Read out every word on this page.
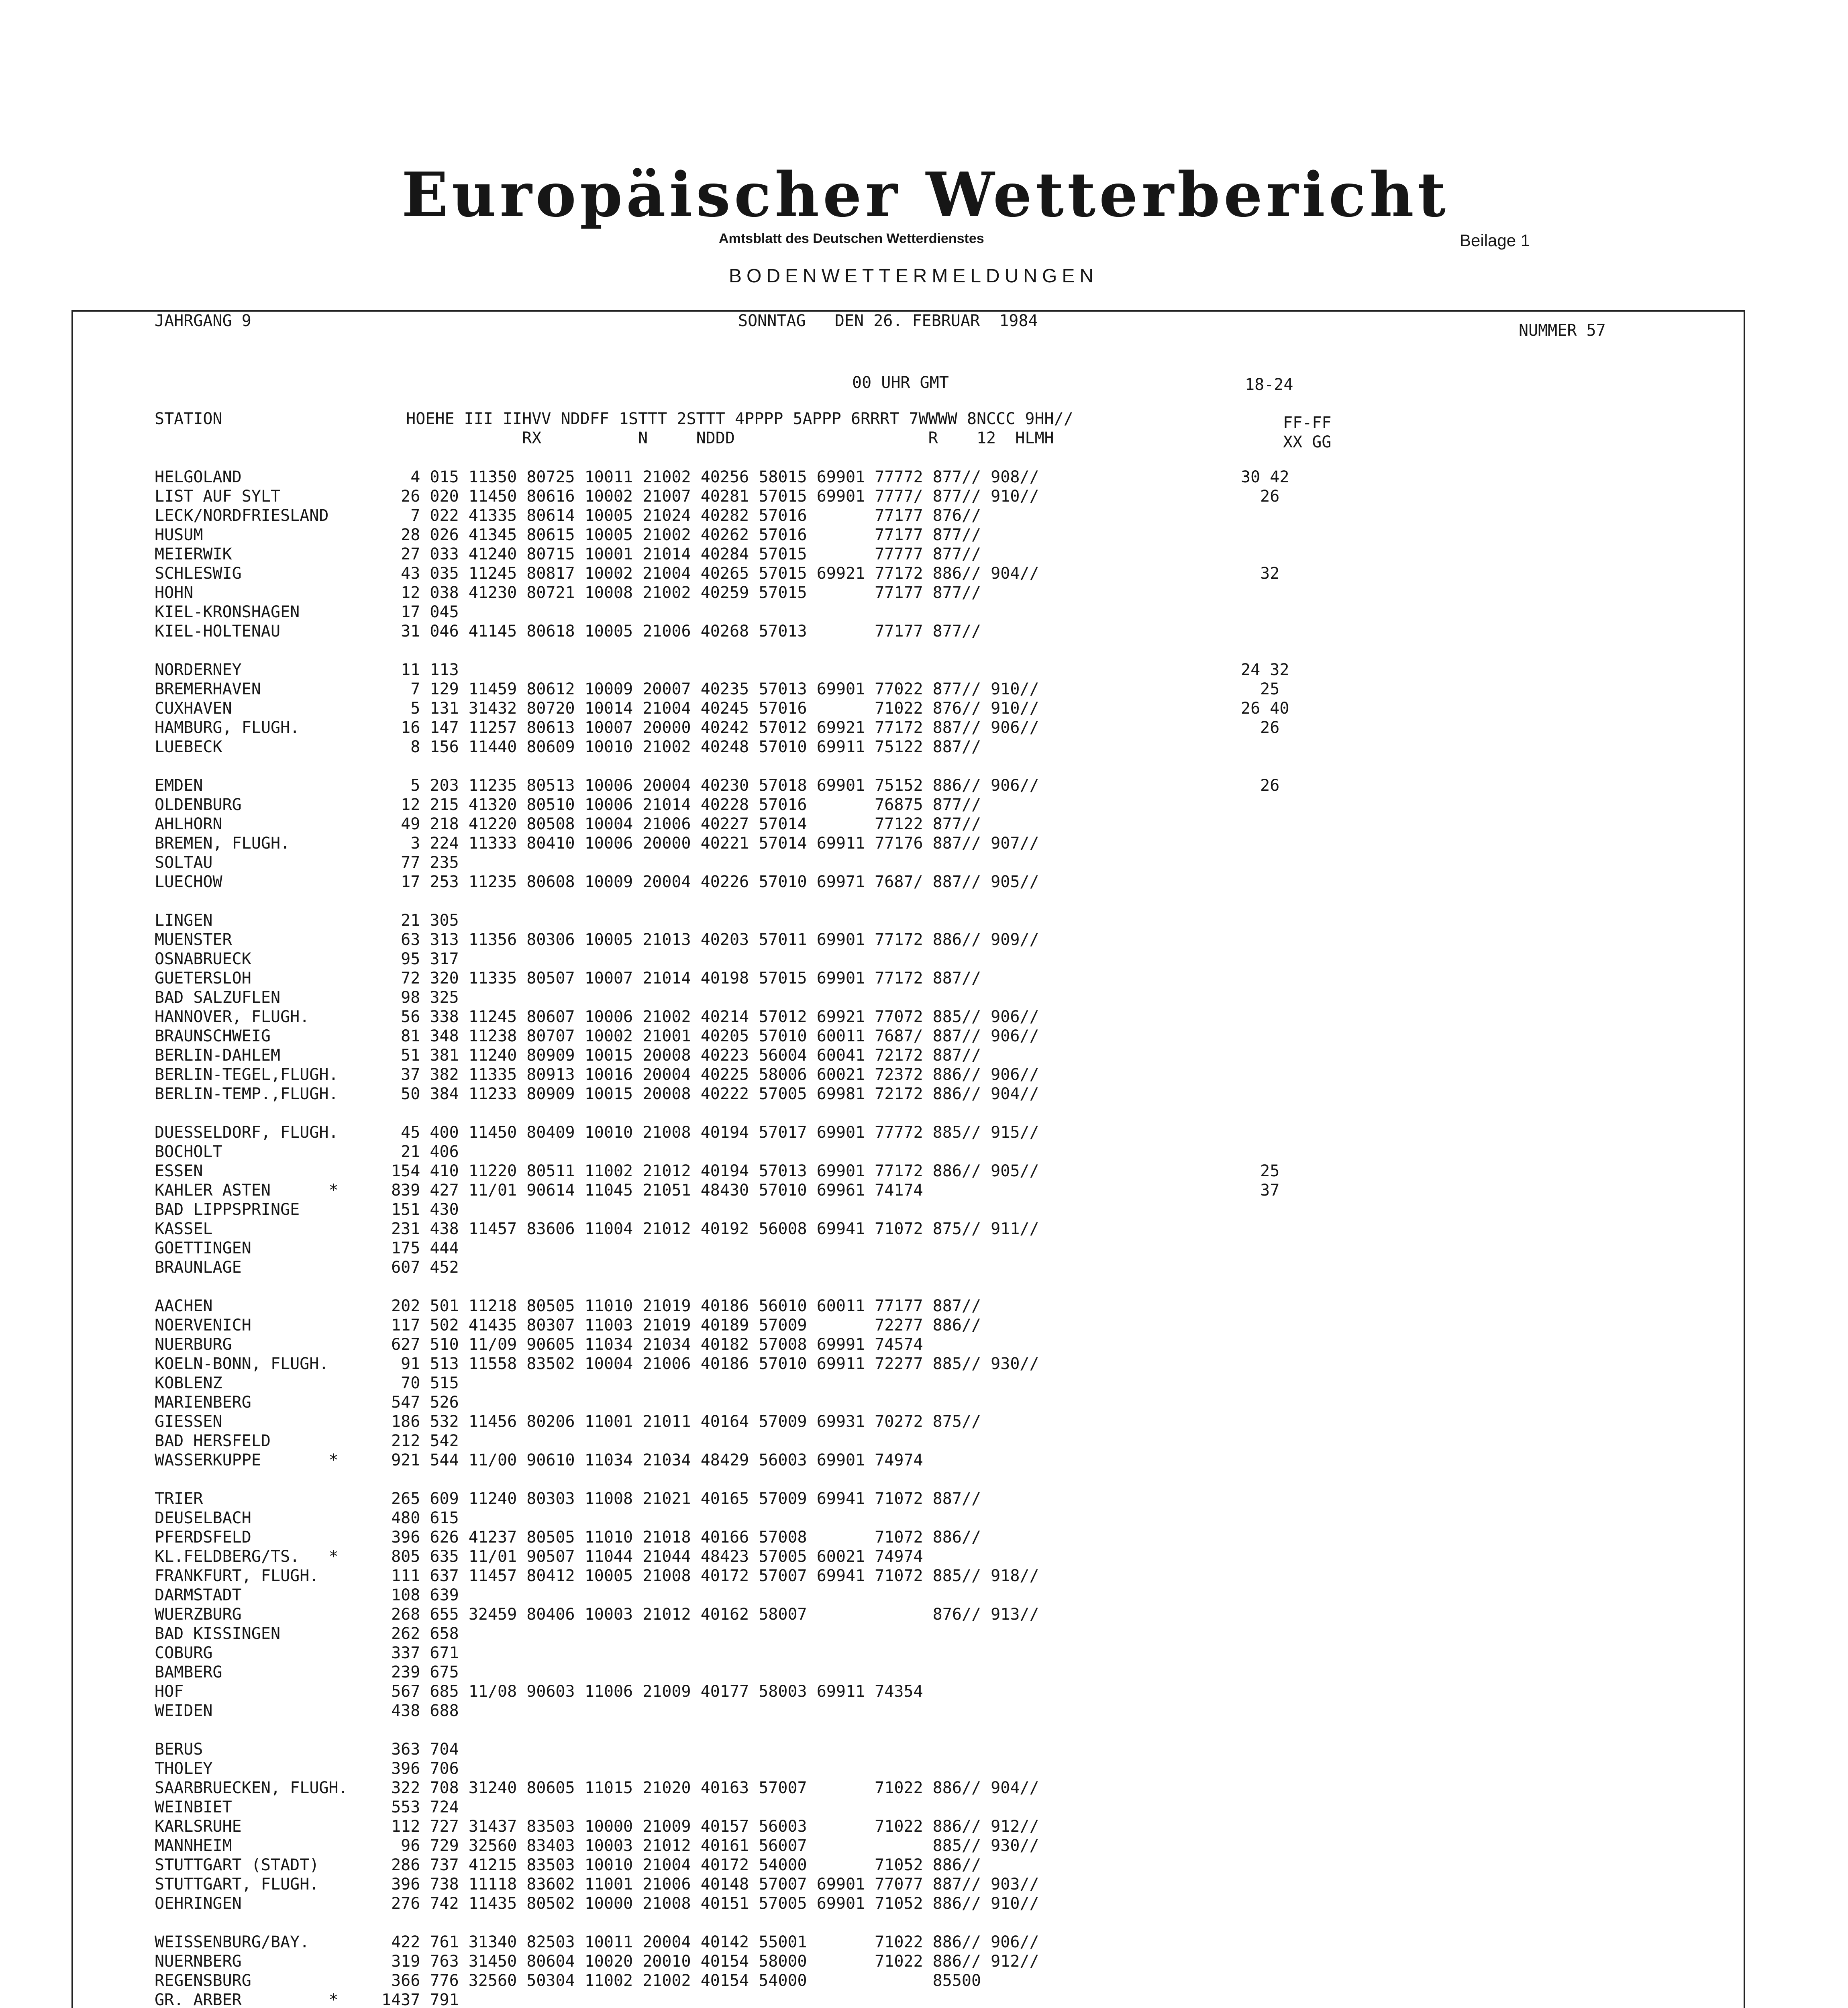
Europäischer Wetterbericht
Amtsblatt des Deutschen Wetterdienstes	Beilage 1
BODENWETTERMELDUNGEN
JAHRGANG 9	SONNTAG   DEN 26. FEBRUAR  1984
NUMMER 57
00 UHR GMT	18-24
STATION                   HOEHE III IIHVV NDDFF 1STTT 2STTT 4PPPP 5APPP 6RRRT 7WWWW 8NCCC 9HH//
RX          N     NDDD                    R    12  HLMH
FF-FF
XX GG
HELGOLAND	4 015 11350 80725 10011 21002 40256 58015 69901 77772 877// 908//	30 42
LIST AUF SYLT	26 020 11450 80616 10002 21007 40281 57015 69901 7777/ 877// 910//	26
LECK/NORDFRIESLAND	7 022 41335 80614 10005 21024 40282 57016       77177 876//
HUSUM	28 026 41345 80615 10005 21002 40262 57016       77177 877//
MEIERWIK	27 033 41240 80715 10001 21014 40284 57015       77777 877//
SCHLESWIG	43 035 11245 80817 10002 21004 40265 57015 69921 77172 886// 904//	32
HOHN	12 038 41230 80721 10008 21002 40259 57015       77177 877//
KIEL-KRONSHAGEN	17 045
KIEL-HOLTENAU	31 046 41145 80618 10005 21006 40268 57013       77177 877//
NORDERNEY	11 113	24 32
BREMERHAVEN	7 129 11459 80612 10009 20007 40235 57013 69901 77022 877// 910//	25
CUXHAVEN	5 131 31432 80720 10014 21004 40245 57016       71022 876// 910//	26 40
HAMBURG, FLUGH.	16 147 11257 80613 10007 20000 40242 57012 69921 77172 887// 906//	26
LUEBECK	8 156 11440 80609 10010 21002 40248 57010 69911 75122 887//
EMDEN	5 203 11235 80513 10006 20004 40230 57018 69901 75152 886// 906//	26
OLDENBURG	12 215 41320 80510 10006 21014 40228 57016       76875 877//
AHLHORN	49 218 41220 80508 10004 21006 40227 57014       77122 877//
BREMEN, FLUGH.	3 224 11333 80410 10006 20000 40221 57014 69911 77176 887// 907//
SOLTAU	77 235
LUECHOW	17 253 11235 80608 10009 20004 40226 57010 69971 7687/ 887// 905//
LINGEN	21 305
MUENSTER	63 313 11356 80306 10005 21013 40203 57011 69901 77172 886// 909//
OSNABRUECK	95 317
GUETERSLOH	72 320 11335 80507 10007 21014 40198 57015 69901 77172 887//
BAD SALZUFLEN	98 325
HANNOVER, FLUGH.	56 338 11245 80607 10006 21002 40214 57012 69921 77072 885// 906//
BRAUNSCHWEIG	81 348 11238 80707 10002 21001 40205 57010 60011 7687/ 887// 906//
BERLIN-DAHLEM	51 381 11240 80909 10015 20008 40223 56004 60041 72172 887//
BERLIN-TEGEL,FLUGH.	37 382 11335 80913 10016 20004 40225 58006 60021 72372 886// 906//
BERLIN-TEMP.,FLUGH.	50 384 11233 80909 10015 20008 40222 57005 69981 72172 886// 904//
DUESSELDORF, FLUGH.	45 400 11450 80409 10010 21008 40194 57017 69901 77772 885// 915//
BOCHOLT	21 406
ESSEN	154 410 11220 80511 11002 21012 40194 57013 69901 77172 886// 905//	25
KAHLER ASTEN      *	839 427 11/01 90614 11045 21051 48430 57010 69961 74174	37
BAD LIPPSPRINGE	151 430
KASSEL	231 438 11457 83606 11004 21012 40192 56008 69941 71072 875// 911//
GOETTINGEN	175 444
BRAUNLAGE	607 452
AACHEN	202 501 11218 80505 11010 21019 40186 56010 60011 77177 887//
NOERVENICH	117 502 41435 80307 11003 21019 40189 57009       72277 886//
NUERBURG	627 510 11/09 90605 11034 21034 40182 57008 69991 74574
KOELN-BONN, FLUGH.	91 513 11558 83502 10004 21006 40186 57010 69911 72277 885// 930//
KOBLENZ	70 515
MARIENBERG	547 526
GIESSEN	186 532 11456 80206 11001 21011 40164 57009 69931 70272 875//
BAD HERSFELD	212 542
WASSERKUPPE       *	921 544 11/00 90610 11034 21034 48429 56003 69901 74974
TRIER	265 609 11240 80303 11008 21021 40165 57009 69941 71072 887//
DEUSELBACH	480 615
PFERDSFELD	396 626 41237 80505 11010 21018 40166 57008       71072 886//
KL.FELDBERG/TS.   *	805 635 11/01 90507 11044 21044 48423 57005 60021 74974
FRANKFURT, FLUGH.	111 637 11457 80412 10005 21008 40172 57007 69941 71072 885// 918//
DARMSTADT	108 639
WUERZBURG	268 655 32459 80406 10003 21012 40162 58007             876// 913//
BAD KISSINGEN	262 658
COBURG	337 671
BAMBERG	239 675
HOF	567 685 11/08 90603 11006 21009 40177 58003 69911 74354
WEIDEN	438 688
BERUS	363 704
THOLEY	396 706
SAARBRUECKEN, FLUGH. 322 708 31240 80605 11015 21020 40163 57007       71022 886// 904//
WEINBIET	553 724
KARLSRUHE	112 727 31437 83503 10000 21009 40157 56003       71022 886// 912//
MANNHEIM	96 729 32560 83403 10003 21012 40161 56007             885// 930//
STUTTGART (STADT)	286 737 41215 83503 10010 21004 40172 54000       71052 886//
STUTTGART, FLUGH.	396 738 11118 83602 11001 21006 40148 57007 69901 77077 887// 903//
OEHRINGEN	276 742 11435 80502 10000 21008 40151 57005 69901 71052 886// 910//
WEISSENBURG/BAY.	422 761 31340 82503 10011 20004 40142 55001       71022 886// 906//
NUERNBERG	319 763 31450 80604 10020 20010 40154 58000       71022 886// 912//
REGENSBURG	366 776 32560 50304 11002 21002 40154 54000             85500
GR. ARBER         *	1437 791
